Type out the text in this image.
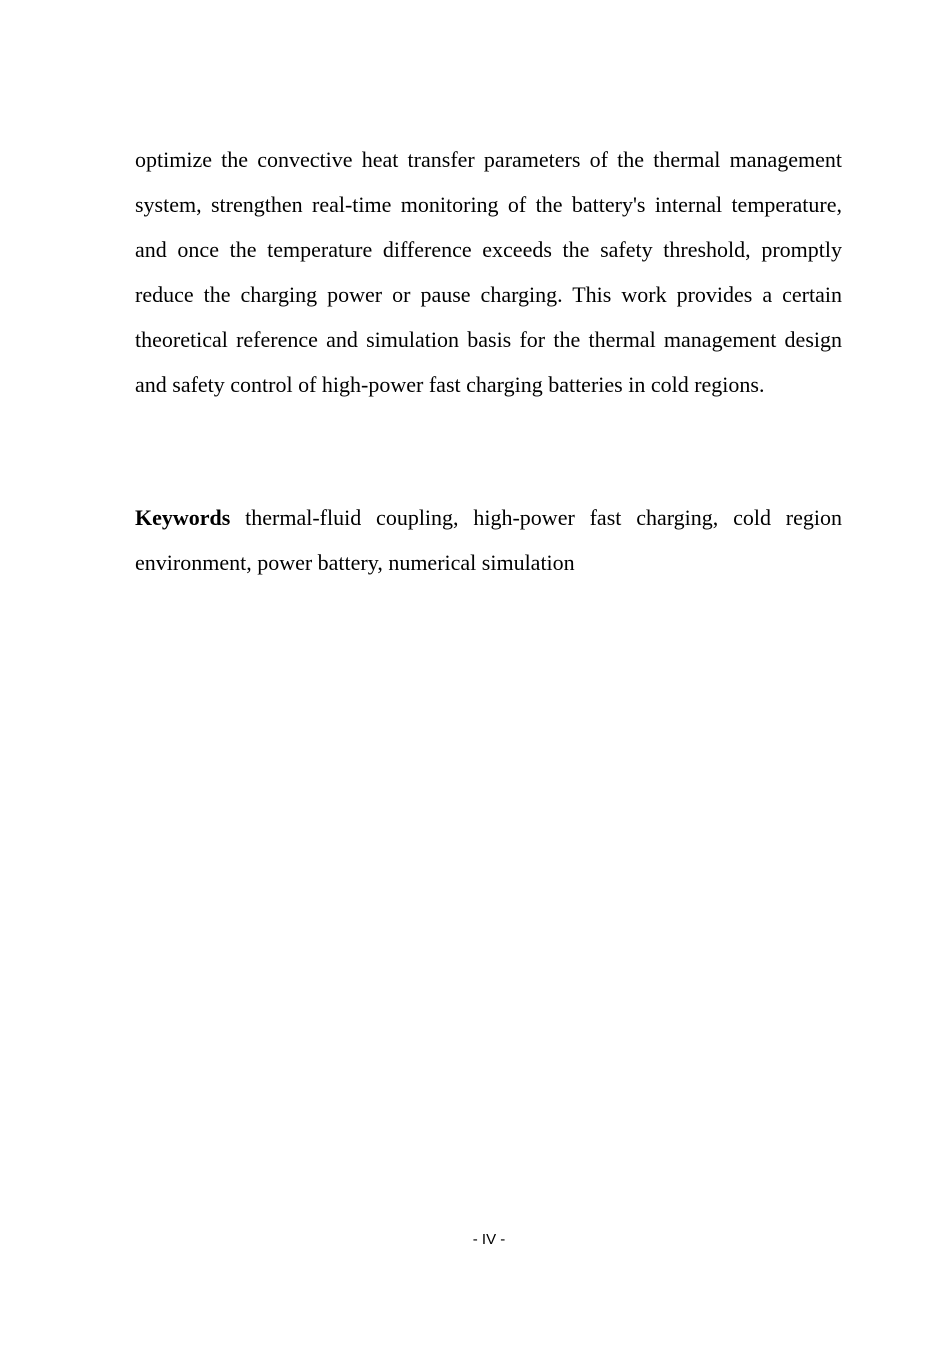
optimize the convective heat transfer parameters of the thermal management system, strengthen real-time monitoring of the battery's internal temperature, and once the temperature difference exceeds the safety threshold, promptly reduce the charging power or pause charging. This work provides a certain theoretical reference and simulation basis for the thermal management design and safety control of high-power fast charging batteries in cold regions.

Keywords thermal-fluid coupling, high-power fast charging, cold region environment, power battery, numerical simulation

- IV -
